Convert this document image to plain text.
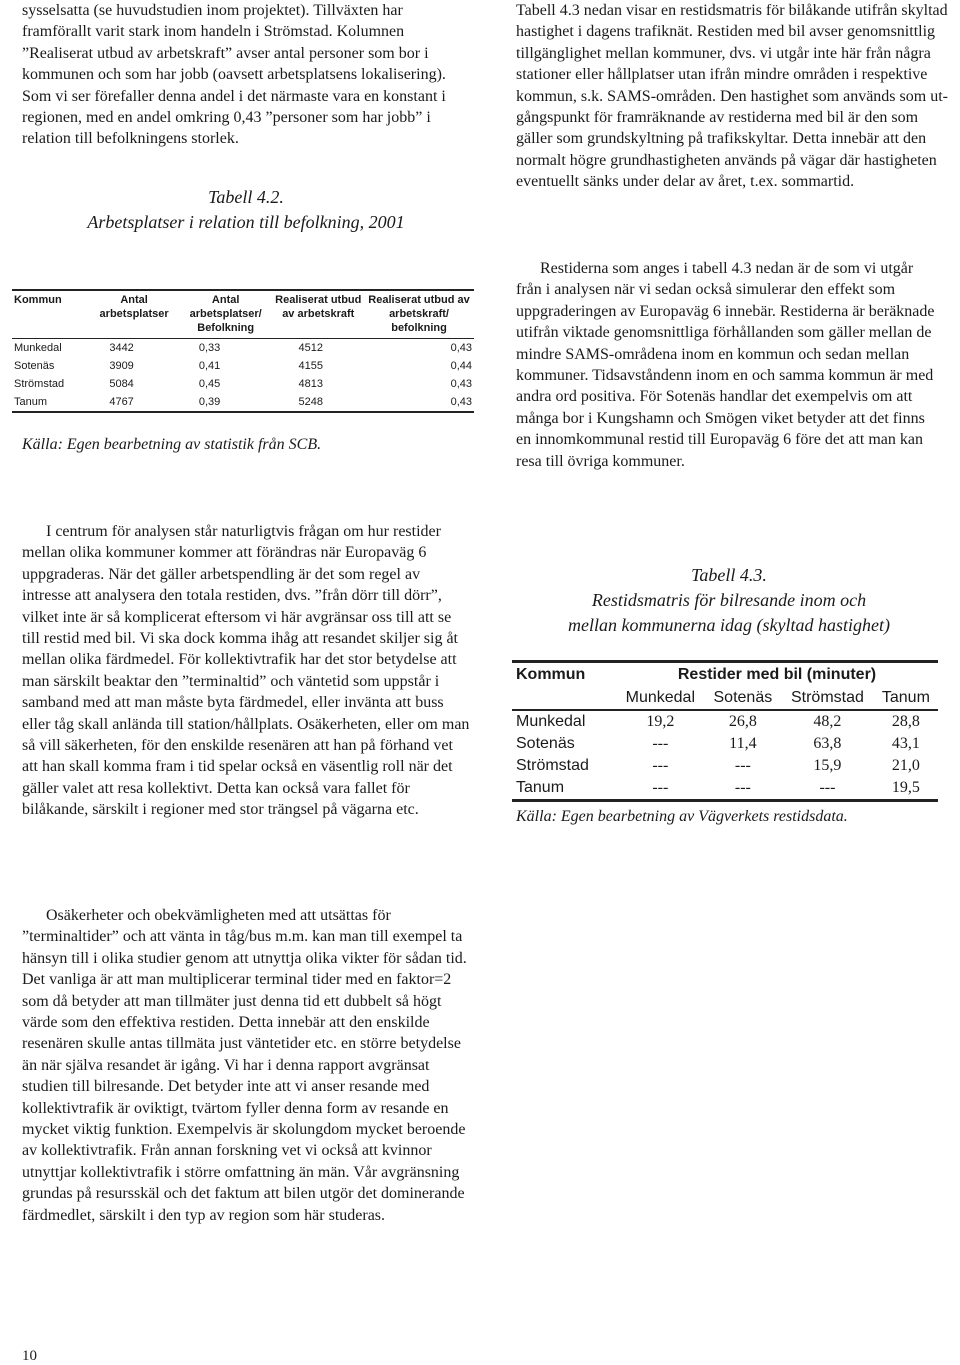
sysselsatta (se huvudstudien inom projektet). Tillväxten har framförallt varit stark inom handeln i Strömstad. Kolumnen ”Realiserat utbud av arbetskraft” avser antal personer som bor i kommunen och som har jobb (oavsett arbetsplatsens lokalisering). Som vi ser förefaller denna andel i det närmaste vara en konstant i regionen, med en andel omkring 0,43 ”personer som har jobb” i relation till befolkningens storlek.

Tabell 4.2.

Arbetsplatser i relation till befolkning, 2001

Kommun	Antal arbetsplatser	Antal arbetsplatser/ Befolkning	Realiserat utbud av arbetskraft	Realiserat utbud av arbetskraft/ befolkning
Munkedal	3442	0,33	4512	0,43
Sotenäs	3909	0,41	4155	0,44
Strömstad	5084	0,45	4813	0,43
Tanum	4767	0,39	5248	0,43

Källa: Egen bearbetning av statistik från SCB.

I centrum för analysen står naturligtvis frågan om hur restider mellan olika kommuner kommer att förändras när Europaväg 6 uppgraderas. När det gäller arbetspendling är det som regel av intresse att analysera den totala restiden, dvs. ”från dörr till dörr”, vilket inte är så komplicerat eftersom vi här avgränsar oss till att se till restid med bil. Vi ska dock komma ihåg att resandet skiljer sig åt mellan olika färdmedel. För kollektivtrafik har det stor betydelse att man särskilt beaktar den ”terminaltid” och väntetid som uppstår i samband med att man måste byta färdmedel, eller invänta att buss eller tåg skall anlända till station/hållplats. Osäkerheten, eller om man så vill säkerheten, för den enskilde resenären att han på förhand vet att han skall komma fram i tid spelar också en väsentlig roll när det gäller valet att resa kollektivt. Detta kan också vara fallet för bilåkande, särskilt i regioner med stor trängsel på vägarna etc.

Osäkerheter och obekvämligheten med att utsättas för ”terminaltider” och att vänta in tåg/bus m.m. kan man till exempel ta hänsyn till i olika studier genom att utnyttja olika vikter för sådan tid. Det vanliga är att man multiplicerar terminal tider med en faktor=2 som då betyder att man tillmäter just denna tid ett dubbelt så högt värde som den effektiva restiden. Detta innebär att den enskilde resenären skulle antas tillmäta just väntetider etc. en större betydelse än när själva resandet är igång. Vi har i denna rapport avgränsat studien till bilresande. Det betyder inte att vi anser resande med kollektivtrafik är oviktigt, tvärtom fyller denna form av resande en mycket viktig funktion. Exempelvis är skolungdom mycket beroende av kollektivtrafik. Från annan forskning vet vi också att kvinnor utnyttjar kollektivtrafik i större omfattning än män. Vår avgränsning grundas på resursskäl och det faktum att bilen utgör det dominerande färdmedlet, särskilt i den typ av region som här studeras.

Tabell 4.3 nedan visar en restidsmatris för bilåkande utifrån skyltad hastighet i dagens trafiknät. Restiden med bil avser genomsnittlig tillgänglighet mellan kommuner, dvs. vi utgår inte här från några stationer eller hållplatser utan ifrån mindre områden i respektive kommun, s.k. SAMS-områden. Den hastighet som används som utgångspunkt för framräknande av restiderna med bil är den som gäller som grundskyltning på trafikskyltar. Detta innebär att den normalt högre grundhastigheten används på vägar där hastigheten eventuellt sänks under delar av året, t.ex. sommartid.

Restiderna som anges i tabell 4.3 nedan är de som vi utgår från i analysen när vi sedan också simulerar den effekt som uppgraderingen av Europaväg 6 innebär. Restiderna är beräknade utifrån viktade genomsnittliga förhållanden som gäller mellan de mindre SAMS-områdena inom en kommun och sedan mellan kommuner. Tidsavståndenn inom en och samma kommun är med andra ord positiva. För Sotenäs handlar det exempelvis om att många bor i Kungshamn och Smögen viket betyder att det finns en innomkommunal restid till Europaväg 6 före det att man kan resa till övriga kommuner.

Tabell 4.3.

Restidsmatris för bilresande inom och

mellan kommunerna idag (skyltad hastighet)

Kommun	Restider med bil (minuter)			
	Munkedal	Sotenäs	Strömstad	Tanum
Munkedal	19,2	26,8	48,2	28,8
Sotenäs	---	11,4	63,8	43,1
Strömstad	---	---	15,9	21,0
Tanum	---	---	---	19,5

Källa: Egen bearbetning av Vägverkets restidsdata.

10
